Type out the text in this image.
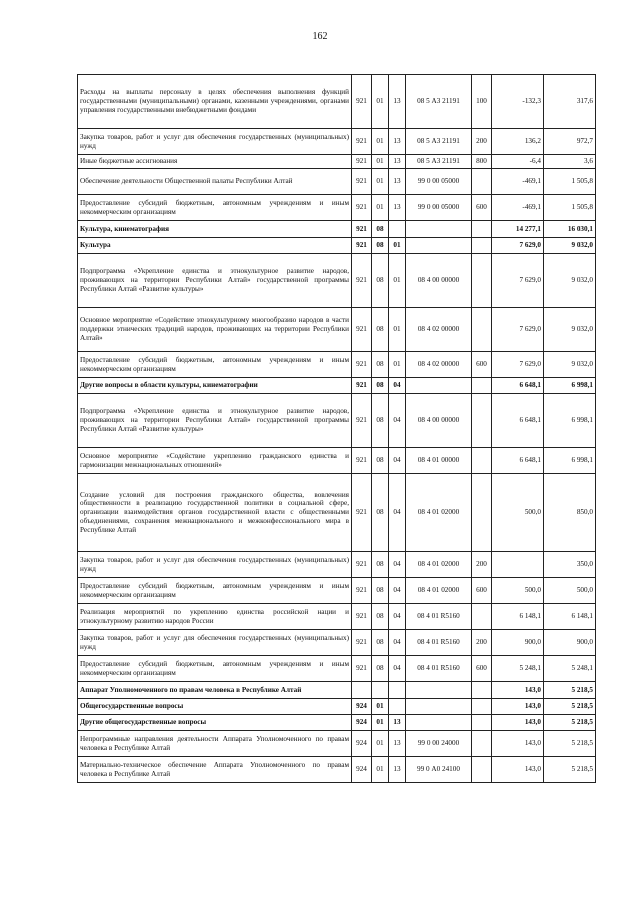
162
Расходы на выплаты персоналу в целях обеспечения выполнения функций государственными (муниципальными) органами, казенными учреждениями, органами управления государственными внебюджетными фондами	921	01	13	08 5 А3 21191	100	-132,3	317,6
Закупка товаров, работ и услуг для обеспечения государственных (муниципальных) нужд	921	01	13	08 5 А3 21191	200	136,2	972,7
Иные бюджетные ассигнования	921	01	13	08 5 А3 21191	800	-6,4	3,6
Обеспечение деятельности Общественной палаты Республики Алтай	921	01	13	99 0 00 05000		-469,1	1 505,8
Предоставление субсидий бюджетным, автономным учреждениям и иным некоммерческим организациям	921	01	13	99 0 00 05000	600	-469,1	1 505,8
Культура, кинематография	921	08				14 277,1	16 030,1
Культура	921	08	01			7 629,0	9 032,0
Подпрограмма «Укрепление единства и этнокультурное развитие народов, проживающих на территории Республики Алтай» государственной программы Республики Алтай «Развитие культуры»	921	08	01	08 4 00 00000		7 629,0	9 032,0
Основное мероприятие «Содействие этнокультурному многообразию народов в части поддержки этнических традиций народов, проживающих на территории Республики Алтай»	921	08	01	08 4 02 00000		7 629,0	9 032,0
Предоставление субсидий бюджетным, автономным учреждениям и иным некоммерческим организациям	921	08	01	08 4 02 00000	600	7 629,0	9 032,0
Другие вопросы в области культуры, кинематографии	921	08	04			6 648,1	6 998,1
Подпрограмма «Укрепление единства и этнокультурное развитие народов, проживающих на территории Республики Алтай» государственной программы Республики Алтай «Развитие культуры»	921	08	04	08 4 00 00000		6 648,1	6 998,1
Основное мероприятие «Содействие укреплению гражданского единства и гармонизации межнациональных отношений»	921	08	04	08 4 01 00000		6 648,1	6 998,1
Создание условий для построения гражданского общества, вовлечения общественности в реализацию государственной политики в социальной сфере, организации взаимодействия органов государственной власти с общественными объединениями, сохранения межнационального и межконфессионального мира в Республике Алтай	921	08	04	08 4 01 02000		500,0	850,0
Закупка товаров, работ и услуг для обеспечения государственных (муниципальных) нужд	921	08	04	08 4 01 02000	200		350,0
Предоставление субсидий бюджетным, автономным учреждениям и иным некоммерческим организациям	921	08	04	08 4 01 02000	600	500,0	500,0
Реализация мероприятий по укреплению единства российской нации и этнокультурному развитию народов России	921	08	04	08 4 01 R5160		6 148,1	6 148,1
Закупка товаров, работ и услуг для обеспечения государственных (муниципальных) нужд	921	08	04	08 4 01 R5160	200	900,0	900,0
Предоставление субсидий бюджетным, автономным учреждениям и иным некоммерческим организациям	921	08	04	08 4 01 R5160	600	5 248,1	5 248,1
Аппарат Уполномоченного по правам человека в Республике Алтай						143,0	5 218,5
Общегосударственные вопросы	924	01				143,0	5 218,5
Другие общегосударственные вопросы	924	01	13			143,0	5 218,5
Непрограммные направления деятельности Аппарата Уполномоченного по правам человека в Республике Алтай	924	01	13	99 0 00 24000		143,0	5 218,5
Материально-техническое обеспечение Аппарата Уполномоченного по правам человека в Республике Алтай	924	01	13	99 0 А0 24100		143,0	5 218,5
